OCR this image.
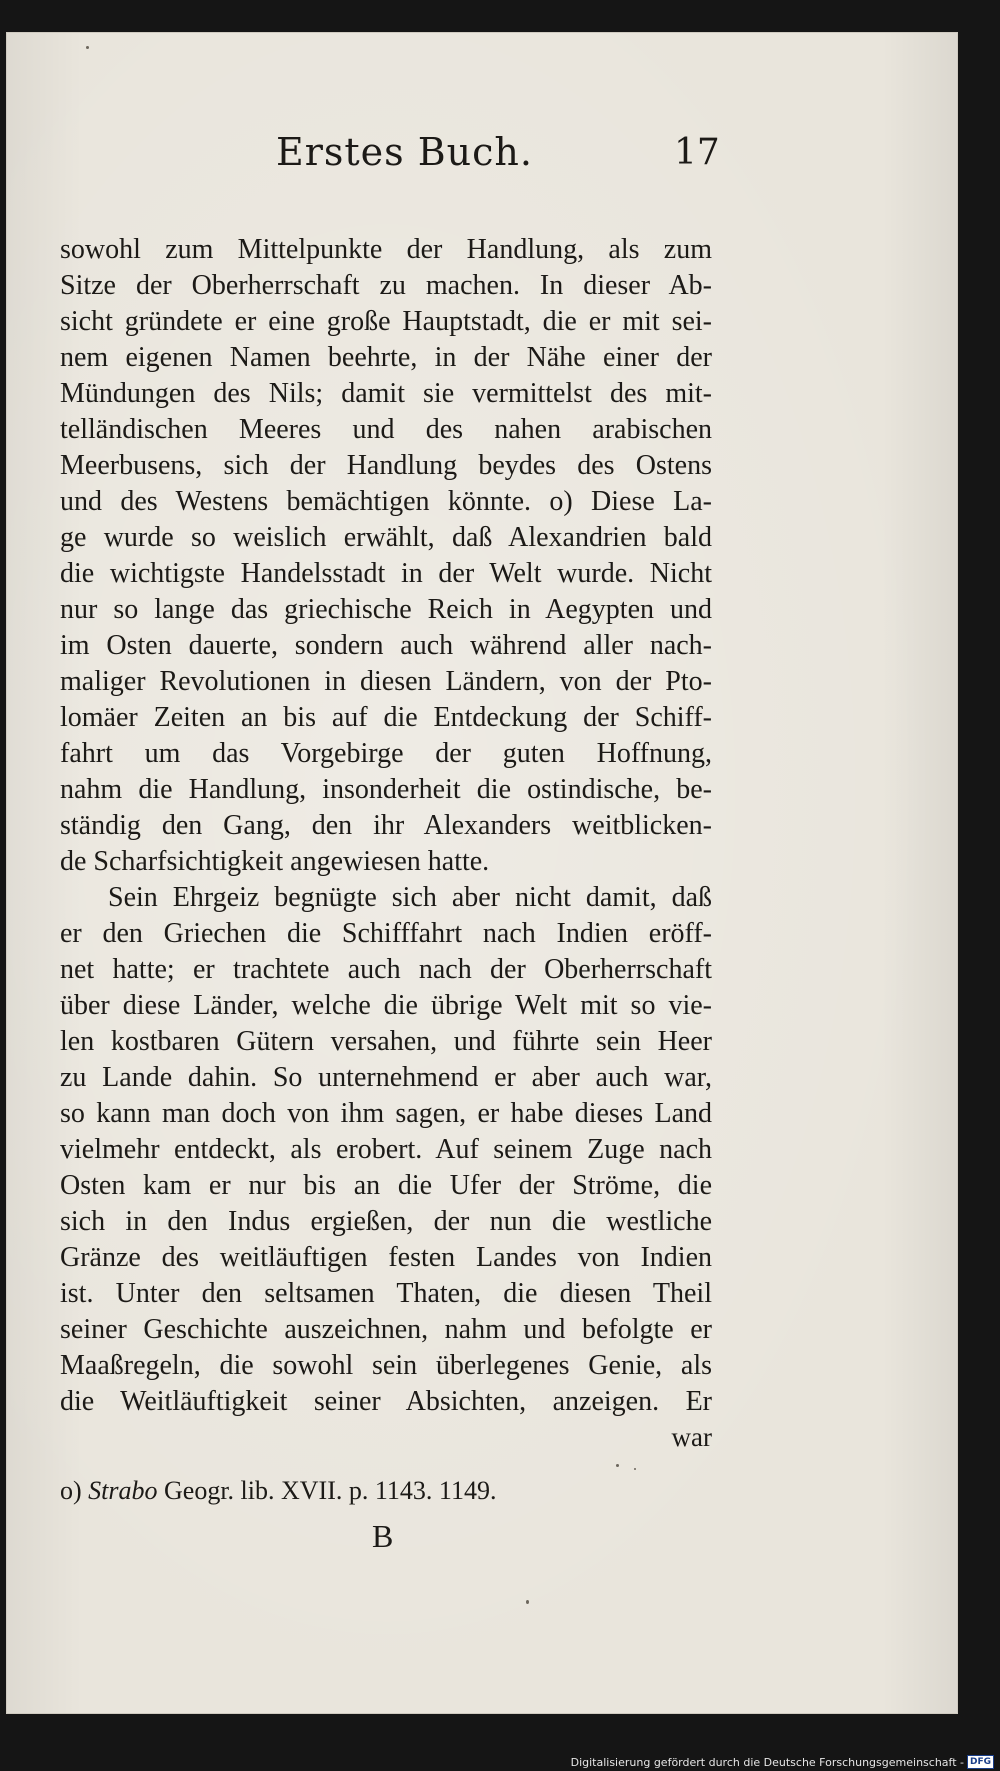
Erstes Buch.	17
sowohl zum Mittelpunkte der Handlung, als zum
Sitze der Oberherrschaft zu machen. In dieser Ab-
sicht gründete er eine große Hauptstadt, die er mit sei-
nem eigenen Namen beehrte, in der Nähe einer der
Mündungen des Nils; damit sie vermittelst des mit-
telländischen Meeres und des nahen arabischen
Meerbusens, sich der Handlung beydes des Ostens
und des Westens bemächtigen könnte. o) Diese La-
ge wurde so weislich erwählt, daß Alexandrien bald
die wichtigste Handelsstadt in der Welt wurde. Nicht
nur so lange das griechische Reich in Aegypten und
im Osten dauerte, sondern auch während aller nach-
maliger Revolutionen in diesen Ländern, von der Pto-
lomäer Zeiten an bis auf die Entdeckung der Schiff-
fahrt um das Vorgebirge der guten Hoffnung,
nahm die Handlung, insonderheit die ostindische, be-
ständig den Gang, den ihr Alexanders weitblicken-
de Scharfsichtigkeit angewiesen hatte.
Sein Ehrgeiz begnügte sich aber nicht damit, daß
er den Griechen die Schifffahrt nach Indien eröff-
net hatte; er trachtete auch nach der Oberherrschaft
über diese Länder, welche die übrige Welt mit so vie-
len kostbaren Gütern versahen, und führte sein Heer
zu Lande dahin. So unternehmend er aber auch war,
so kann man doch von ihm sagen, er habe dieses Land
vielmehr entdeckt, als erobert. Auf seinem Zuge nach
Osten kam er nur bis an die Ufer der Ströme, die
sich in den Indus ergießen, der nun die westliche
Gränze des weitläuftigen festen Landes von Indien
ist. Unter den seltsamen Thaten, die diesen Theil
seiner Geschichte auszeichnen, nahm und befolgte er
Maaßregeln, die sowohl sein überlegenes Genie, als
die Weitläuftigkeit seiner Absichten, anzeigen. Er
war
o) Strabo Geogr. lib. XVII. p. 1143. 1149.
B
Digitalisierung gefördert durch die Deutsche Forschungsgemeinschaft - DFG
